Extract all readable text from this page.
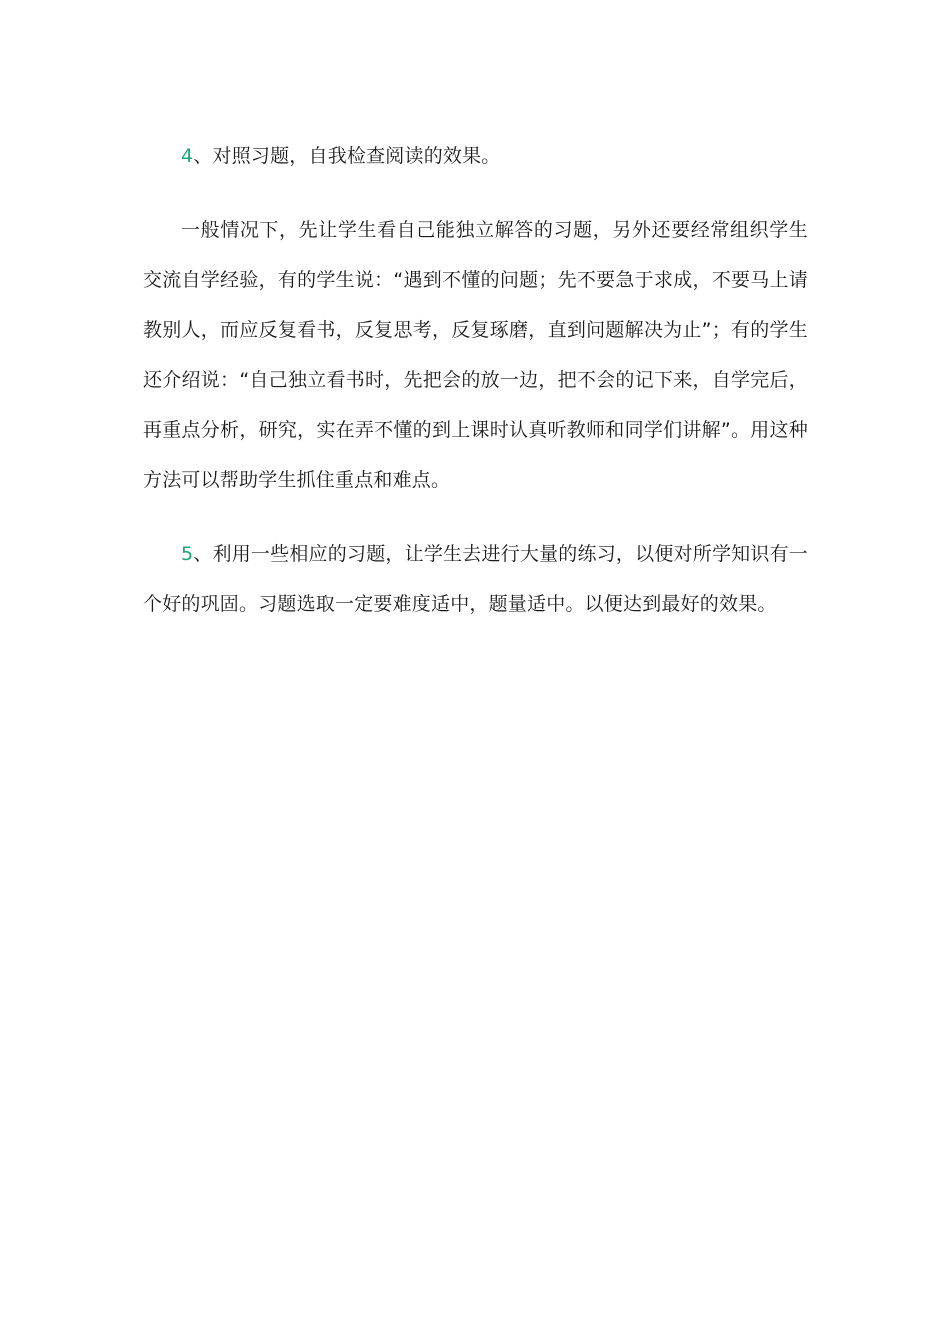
4、对照习题，自我检查阅读的效果。

一般情况下，先让学生看自己能独立解答的习题，另外还要经常组织学生交流自学经验，有的学生说：“遇到不懂的问题；先不要急于求成，不要马上请教别人，而应反复看书，反复思考，反复琢磨，直到问题解决为止”；有的学生还介绍说：“自己独立看书时，先把会的放一边，把不会的记下来，自学完后，再重点分析，研究，实在弄不懂的到上课时认真听教师和同学们讲解”。用这种方法可以帮助学生抓住重点和难点。

5、利用一些相应的习题，让学生去进行大量的练习，以便对所学知识有一个好的巩固。习题选取一定要难度适中，题量适中。以便达到最好的效果。
